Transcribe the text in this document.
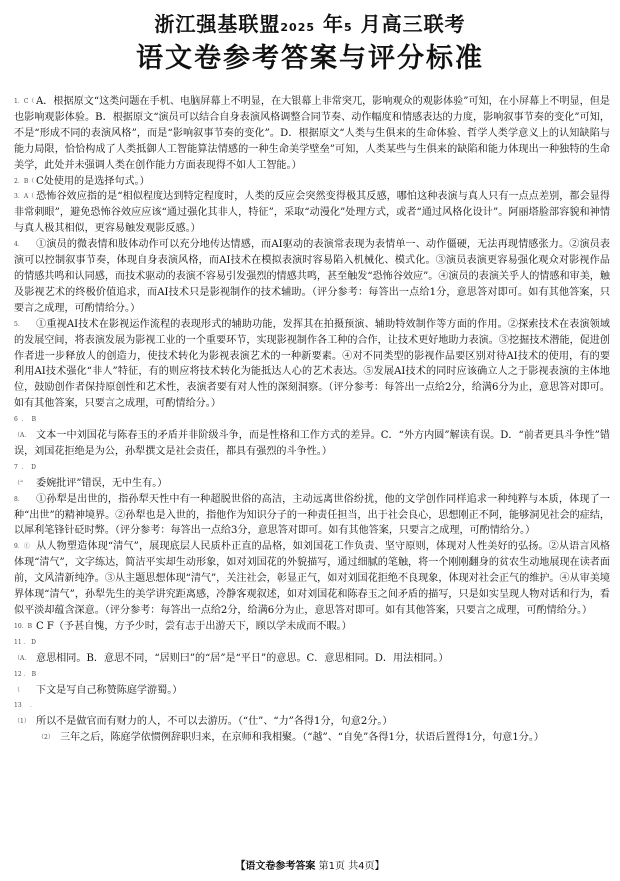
浙江强基联盟2025 年5 月高三联考
语文卷参考答案与评分标准

1．C（ A．根据原文“这类问题在手机、电脑屏幕上不明显，在大银幕上非常突兀，影响观众的观影体验”可知，在小屏幕上不明显，但是也影响观影体验。B．根据原文“演员可以结合自身表演风格调整合同节奏、动作幅度和情感表达的力度，影响叙事节奏的变化”可知，不是“形成不同的表演风格”，而是“影响叙事节奏的变化”。D．根据原文“人类与生俱来的生命体验、哲学人类学意义上的认知缺陷与能力局限，恰恰构成了人类抵御人工智能算法情感的一种生命美学壁垒”可知，人类某些与生俱来的缺陷和能力体现出一种独特的生命美学，此处并未强调人类在创作能力方面表现得不如人工智能。）

2．B（ C处使用的是选择句式。）

3．A（ 恐怖谷效应指的是“相似程度达到特定程度时，人类的反应会突然变得极其反感，哪怕这种表演与真人只有一点点差别，都会显得非常刺眼”，避免恐怖谷效应应该“通过强化其非人，特征”，采取“动漫化”处理方式，或者“通过风格化设计”。阿丽塔脸部容貌和神情与真人极其相似，更容易触发观影反感。）

4． ①演员的微表情和肢体动作可以充分地传达情感，而AI驱动的表演常表现为表情单一、动作僵硬，无法再现情感张力。②演员表演可以控制叙事节奏，体现自身表演风格，而AI技术在模拟表演时容易陷入机械化、模式化。③演员表演更容易强化观众对影视作品的情感共鸣和认同感，而技术驱动的表演不容易引发强烈的情感共鸣，甚至触发“恐怖谷效应”。④演员的表演关乎人的情感和审美，触及影视艺术的终极价值追求，而AI技术只是影视制作的技术辅助。（评分参考：每答出一点给1分，意思答对即可。如有其他答案，只要言之成理，可酌情给分。）

5． ①重视AI技术在影视运作流程的表现形式的辅助功能，发挥其在拍摄预演、辅助特效制作等方面的作用。②探索技术在表演领域的发展空间，将表演发展为影视工业的一个重要环节，实现影视制作各工种的合作，让技术更好地助力表演。③挖掘技术潜能，促进创作者进一步释放人的创造力，使技术转化为影视表演艺术的一种新要素。④对不同类型的影视作品要区别对待AI技术的使用，有的要利用AI技术强化“非人”特征，有的则应将技术转化为能抵达人心的艺术表达。⑤发展AI技术的同时应该确立人之于影视表演的主体地位，鼓励创作者保持原创性和艺术性，表演者要有对人性的深刻洞察。（评分参考：每答出一点给2分，给满6分为止，意思答对即可。如有其他答案，只要言之成理，可酌情给分。）

6．B（A． 文本一中刘国花与陈春玉的矛盾并非阶级斗争，而是性格和工作方式的差异。C．“外方内圆”解读有误。D．“前者更具斗争性”错误，刘国花拒绝是为公，孙犁撰文是社会责任，都具有强烈的斗争性。）

7．D（“ 委婉批评”错误，无中生有。）

8． ①孙犁是出世的，指孙犁天性中有一种超脱世俗的高洁，主动远离世俗纷扰，他的文学创作同样追求一种纯粹与本质，体现了一种“出世”的精神境界。②孙犁也是入世的，指他作为知识分子的一种责任担当，出于社会良心，思想刚正不阿，能够洞见社会的症结，以犀利笔锋针砭时弊。（评分参考：每答出一点给3分，意思答对即可。如有其他答案，只要言之成理，可酌情给分。）

9．① 从人物塑造体现“清气”，展现底层人民质朴正直的品格，如刘国花工作负责、坚守原则，体现对人性美好的弘扬。②从语言风格体现“清气”，文字练达，简洁平实却生动形象，如对刘国花的外貌描写，通过细腻的笔触，将一个刚刚翻身的贫农生动地展现在读者面前，文风清新纯净。③从主题思想体现“清气”，关注社会，彰显正气，如对刘国花拒绝不良现象，体现对社会正气的维护。④从审美境界体现“清气”，孙犁先生的美学讲究距离感，冷静客观叙述，如对刘国花和陈春玉之间矛盾的描写，只是如实呈现人物对话和行为，看似平淡却蕴含深意。（评分参考：每答出一点给2分，给满6分为止，意思答对即可。如有其他答案，只要言之成理，可酌情给分。）

10．B C F（予甚自愧，方予少时，尝有志于出游天下，顾以学未成而不暇。）

11．D（A． 意思相同。B．意思不同，“居则曰”的“居”是“平日”的意思。C．意思相同。D．用法相同。）

12．B（ 下文是写自己称赞陈庭学游蜀。）

13．（1） 所以不是做官而有财力的人，不可以去游历。（“仕”、“力”各得1分，句意2分。）

（2） 三年之后，陈庭学依惯例辞职归来，在京师和我相聚。（“越”、“自免”各得1分，状语后置得1分，句意1分。）

【语文卷参考答案 第1页 共4页】
